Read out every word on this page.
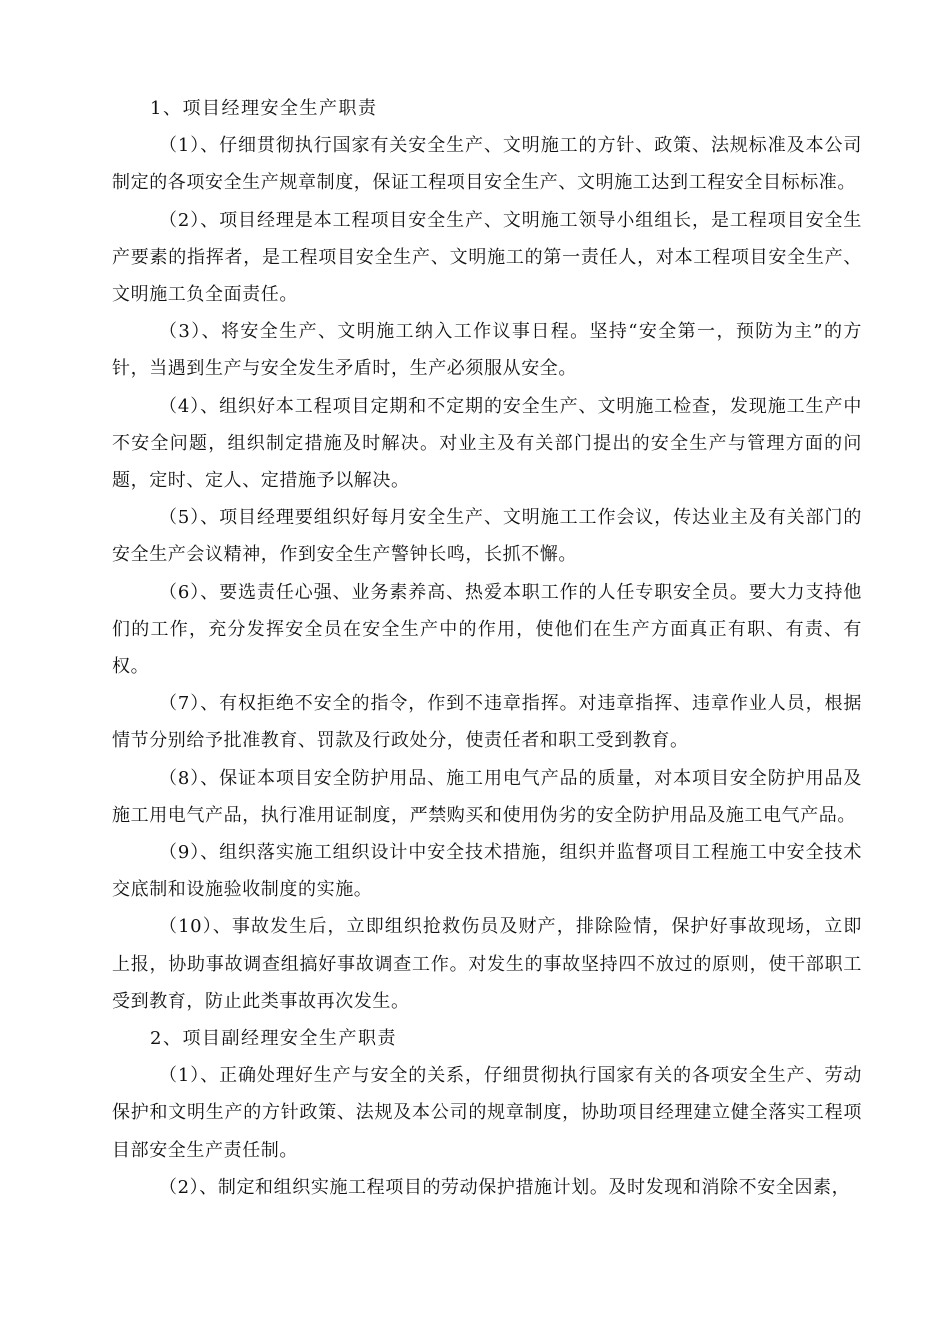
1、项目经理安全生产职责

（1）、仔细贯彻执行国家有关安全生产、文明施工的方针、政策、法规标准及本公司制定的各项安全生产规章制度，保证工程项目安全生产、文明施工达到工程安全目标标准。

（2）、项目经理是本工程项目安全生产、文明施工领导小组组长，是工程项目安全生产要素的指挥者，是工程项目安全生产、文明施工的第一责任人，对本工程项目安全生产、文明施工负全面责任。

（3）、将安全生产、文明施工纳入工作议事日程。坚持“安全第一，预防为主”的方针，当遇到生产与安全发生矛盾时，生产必须服从安全。

（4）、组织好本工程项目定期和不定期的安全生产、文明施工检查，发现施工生产中不安全问题，组织制定措施及时解决。对业主及有关部门提出的安全生产与管理方面的问题，定时、定人、定措施予以解决。

（5）、项目经理要组织好每月安全生产、文明施工工作会议，传达业主及有关部门的安全生产会议精神，作到安全生产警钟长鸣，长抓不懈。

（6）、要选责任心强、业务素养高、热爱本职工作的人任专职安全员。要大力支持他们的工作，充分发挥安全员在安全生产中的作用，使他们在生产方面真正有职、有责、有权。

（7）、有权拒绝不安全的指令，作到不违章指挥。对违章指挥、违章作业人员，根据情节分别给予批准教育、罚款及行政处分，使责任者和职工受到教育。

（8）、保证本项目安全防护用品、施工用电气产品的质量，对本项目安全防护用品及施工用电气产品，执行准用证制度，严禁购买和使用伪劣的安全防护用品及施工电气产品。

（9）、组织落实施工组织设计中安全技术措施，组织并监督项目工程施工中安全技术交底制和设施验收制度的实施。

（10）、事故发生后，立即组织抢救伤员及财产，排除险情，保护好事故现场，立即上报，协助事故调查组搞好事故调查工作。对发生的事故坚持四不放过的原则，使干部职工受到教育，防止此类事故再次发生。

2、项目副经理安全生产职责

（1）、正确处理好生产与安全的关系，仔细贯彻执行国家有关的各项安全生产、劳动保护和文明生产的方针政策、法规及本公司的规章制度，协助项目经理建立健全落实工程项目部安全生产责任制。

（2）、制定和组织实施工程项目的劳动保护措施计划。及时发现和消除不安全因素，
